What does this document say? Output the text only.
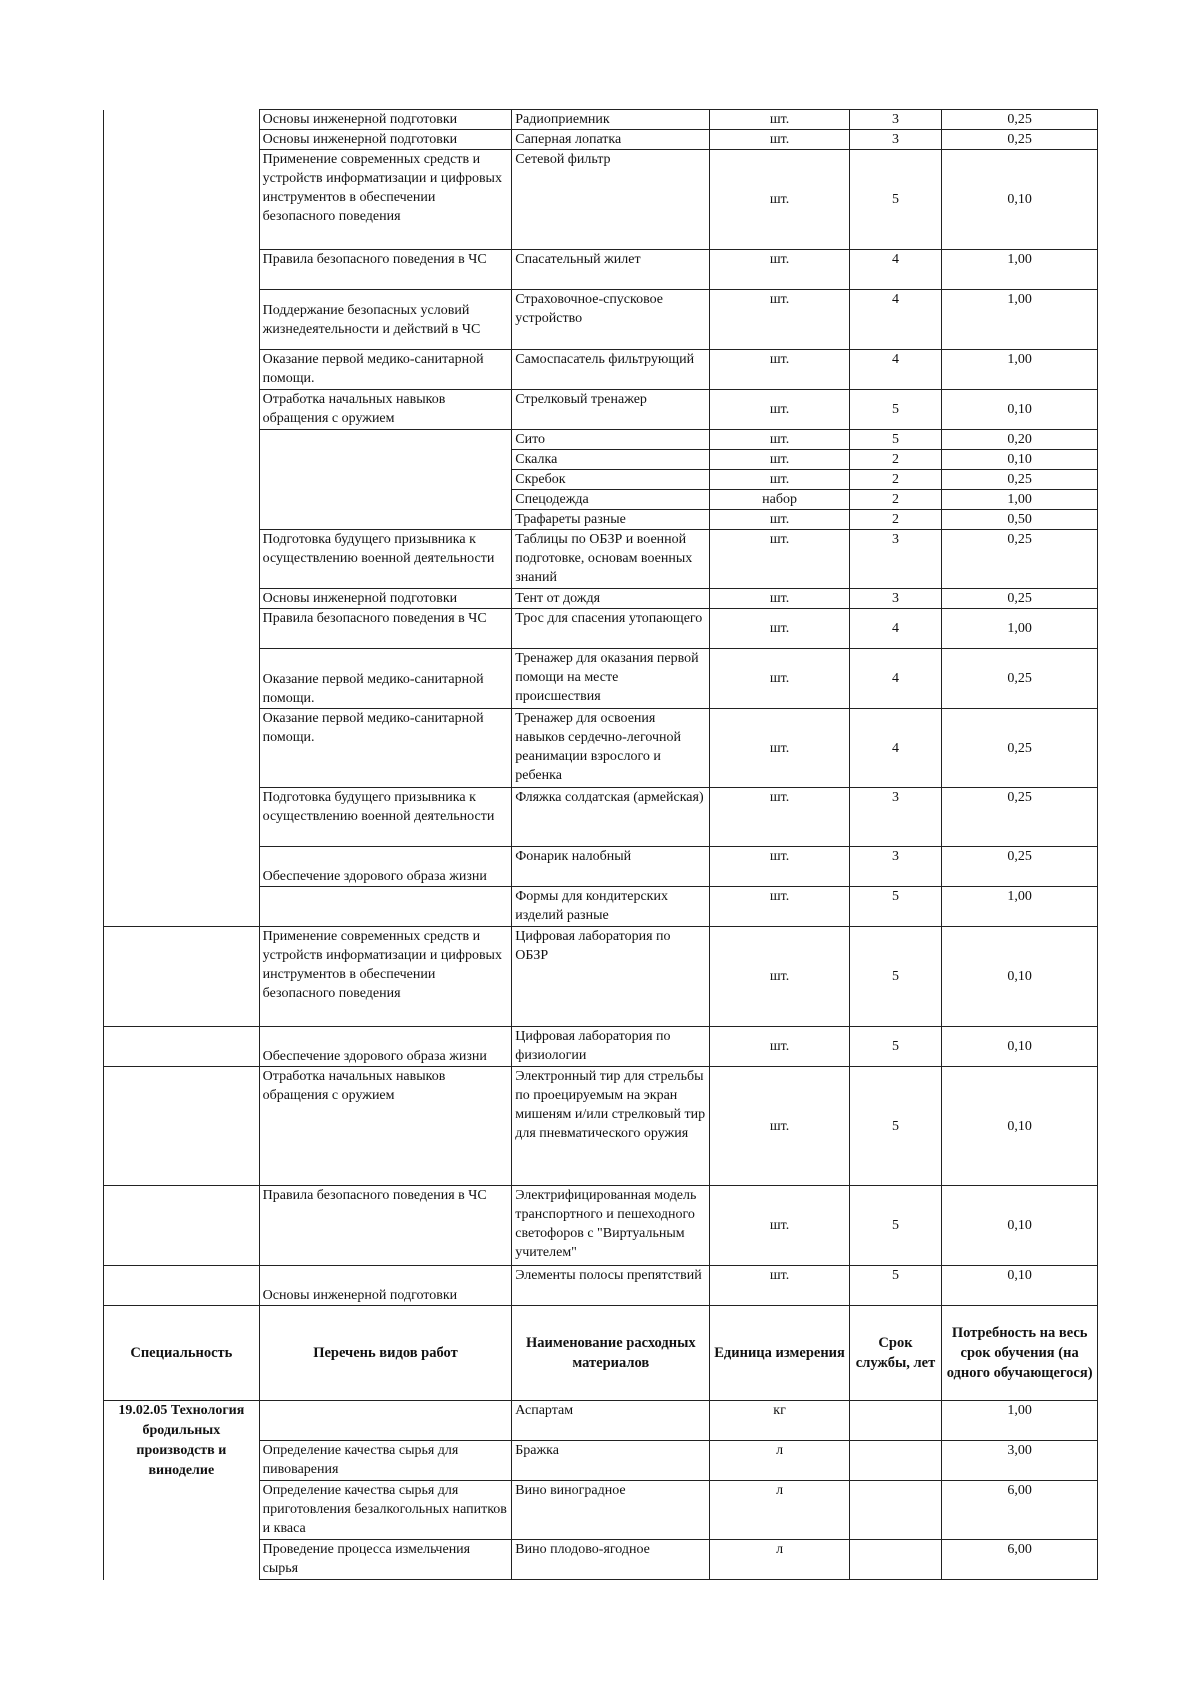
	Основы инженерной подготовки	Радиоприемник	шт.	3	0,25
	Основы инженерной подготовки	Саперная лопатка	шт.	3	0,25
	Применение современных средств и устройств информатизации и цифровых инструментов в обеспечении безопасного поведения	Сетевой фильтр	шт.	5	0,10
	Правила безопасного поведения в ЧС	Спасательный жилет	шт.	4	1,00
	Поддержание безопасных условий жизнедеятельности и действий в ЧС	Страховочное-спусковое устройство	шт.	4	1,00
	Оказание первой медико-санитарной помощи.	Самоспасатель фильтрующий	шт.	4	1,00
	Отработка начальных навыков обращения с оружием	Стрелковый тренажер	шт.	5	0,10
		Сито	шт.	5	0,20
		Скалка	шт.	2	0,10
		Скребок	шт.	2	0,25
		Спецодежда	набор	2	1,00
		Трафареты разные	шт.	2	0,50
	Подготовка будущего призывника к осуществлению военной деятельности	Таблицы по ОБЗР и военной подготовке, основам военных знаний	шт.	3	0,25
	Основы инженерной подготовки	Тент от дождя	шт.	3	0,25
	Правила безопасного поведения в ЧС	Трос для спасения утопающего	шт.	4	1,00
	Оказание первой медико-санитарной помощи.	Тренажер для оказания первой помощи на месте происшествия	шт.	4	0,25
	Оказание первой медико-санитарной помощи.	Тренажер для освоения навыков сердечно-легочной реанимации взрослого и ребенка	шт.	4	0,25
	Подготовка будущего призывника к осуществлению военной деятельности	Фляжка солдатская (армейская)	шт.	3	0,25
	Обеспечение здорового образа жизни	Фонарик налобный	шт.	3	0,25
		Формы для кондитерских изделий разные	шт.	5	1,00
	Применение современных средств и устройств информатизации и цифровых инструментов в обеспечении безопасного поведения	Цифровая лаборатория по ОБЗР	шт.	5	0,10
	Обеспечение здорового образа жизни	Цифровая лаборатория по физиологии	шт.	5	0,10
	Отработка начальных навыков обращения с оружием	Электронный тир для стрельбы по проецируемым на экран мишеням и/или стрелковый тир для пневматического оружия	шт.	5	0,10
	Правила безопасного поведения в ЧС	Электрифицированная модель транспортного и пешеходного светофоров с "Виртуальным учителем"	шт.	5	0,10
	Основы инженерной подготовки	Элементы полосы препятствий	шт.	5	0,10
Специальность	Перечень видов работ	Наименование расходных материалов	Единица измерения	Срок службы, лет	Потребность на весь срок обучения (на одного обучающегося)
19.02.05 Технология бродильных производств и виноделие		Аспартам	кг		1,00
	Определение качества сырья для пивоварения	Бражка	л		3,00
	Определение качества сырья для приготовления безалкогольных напитков и кваса	Вино виноградное	л		6,00
	Проведение процесса измельчения сырья	Вино плодово-ягодное	л		6,00
